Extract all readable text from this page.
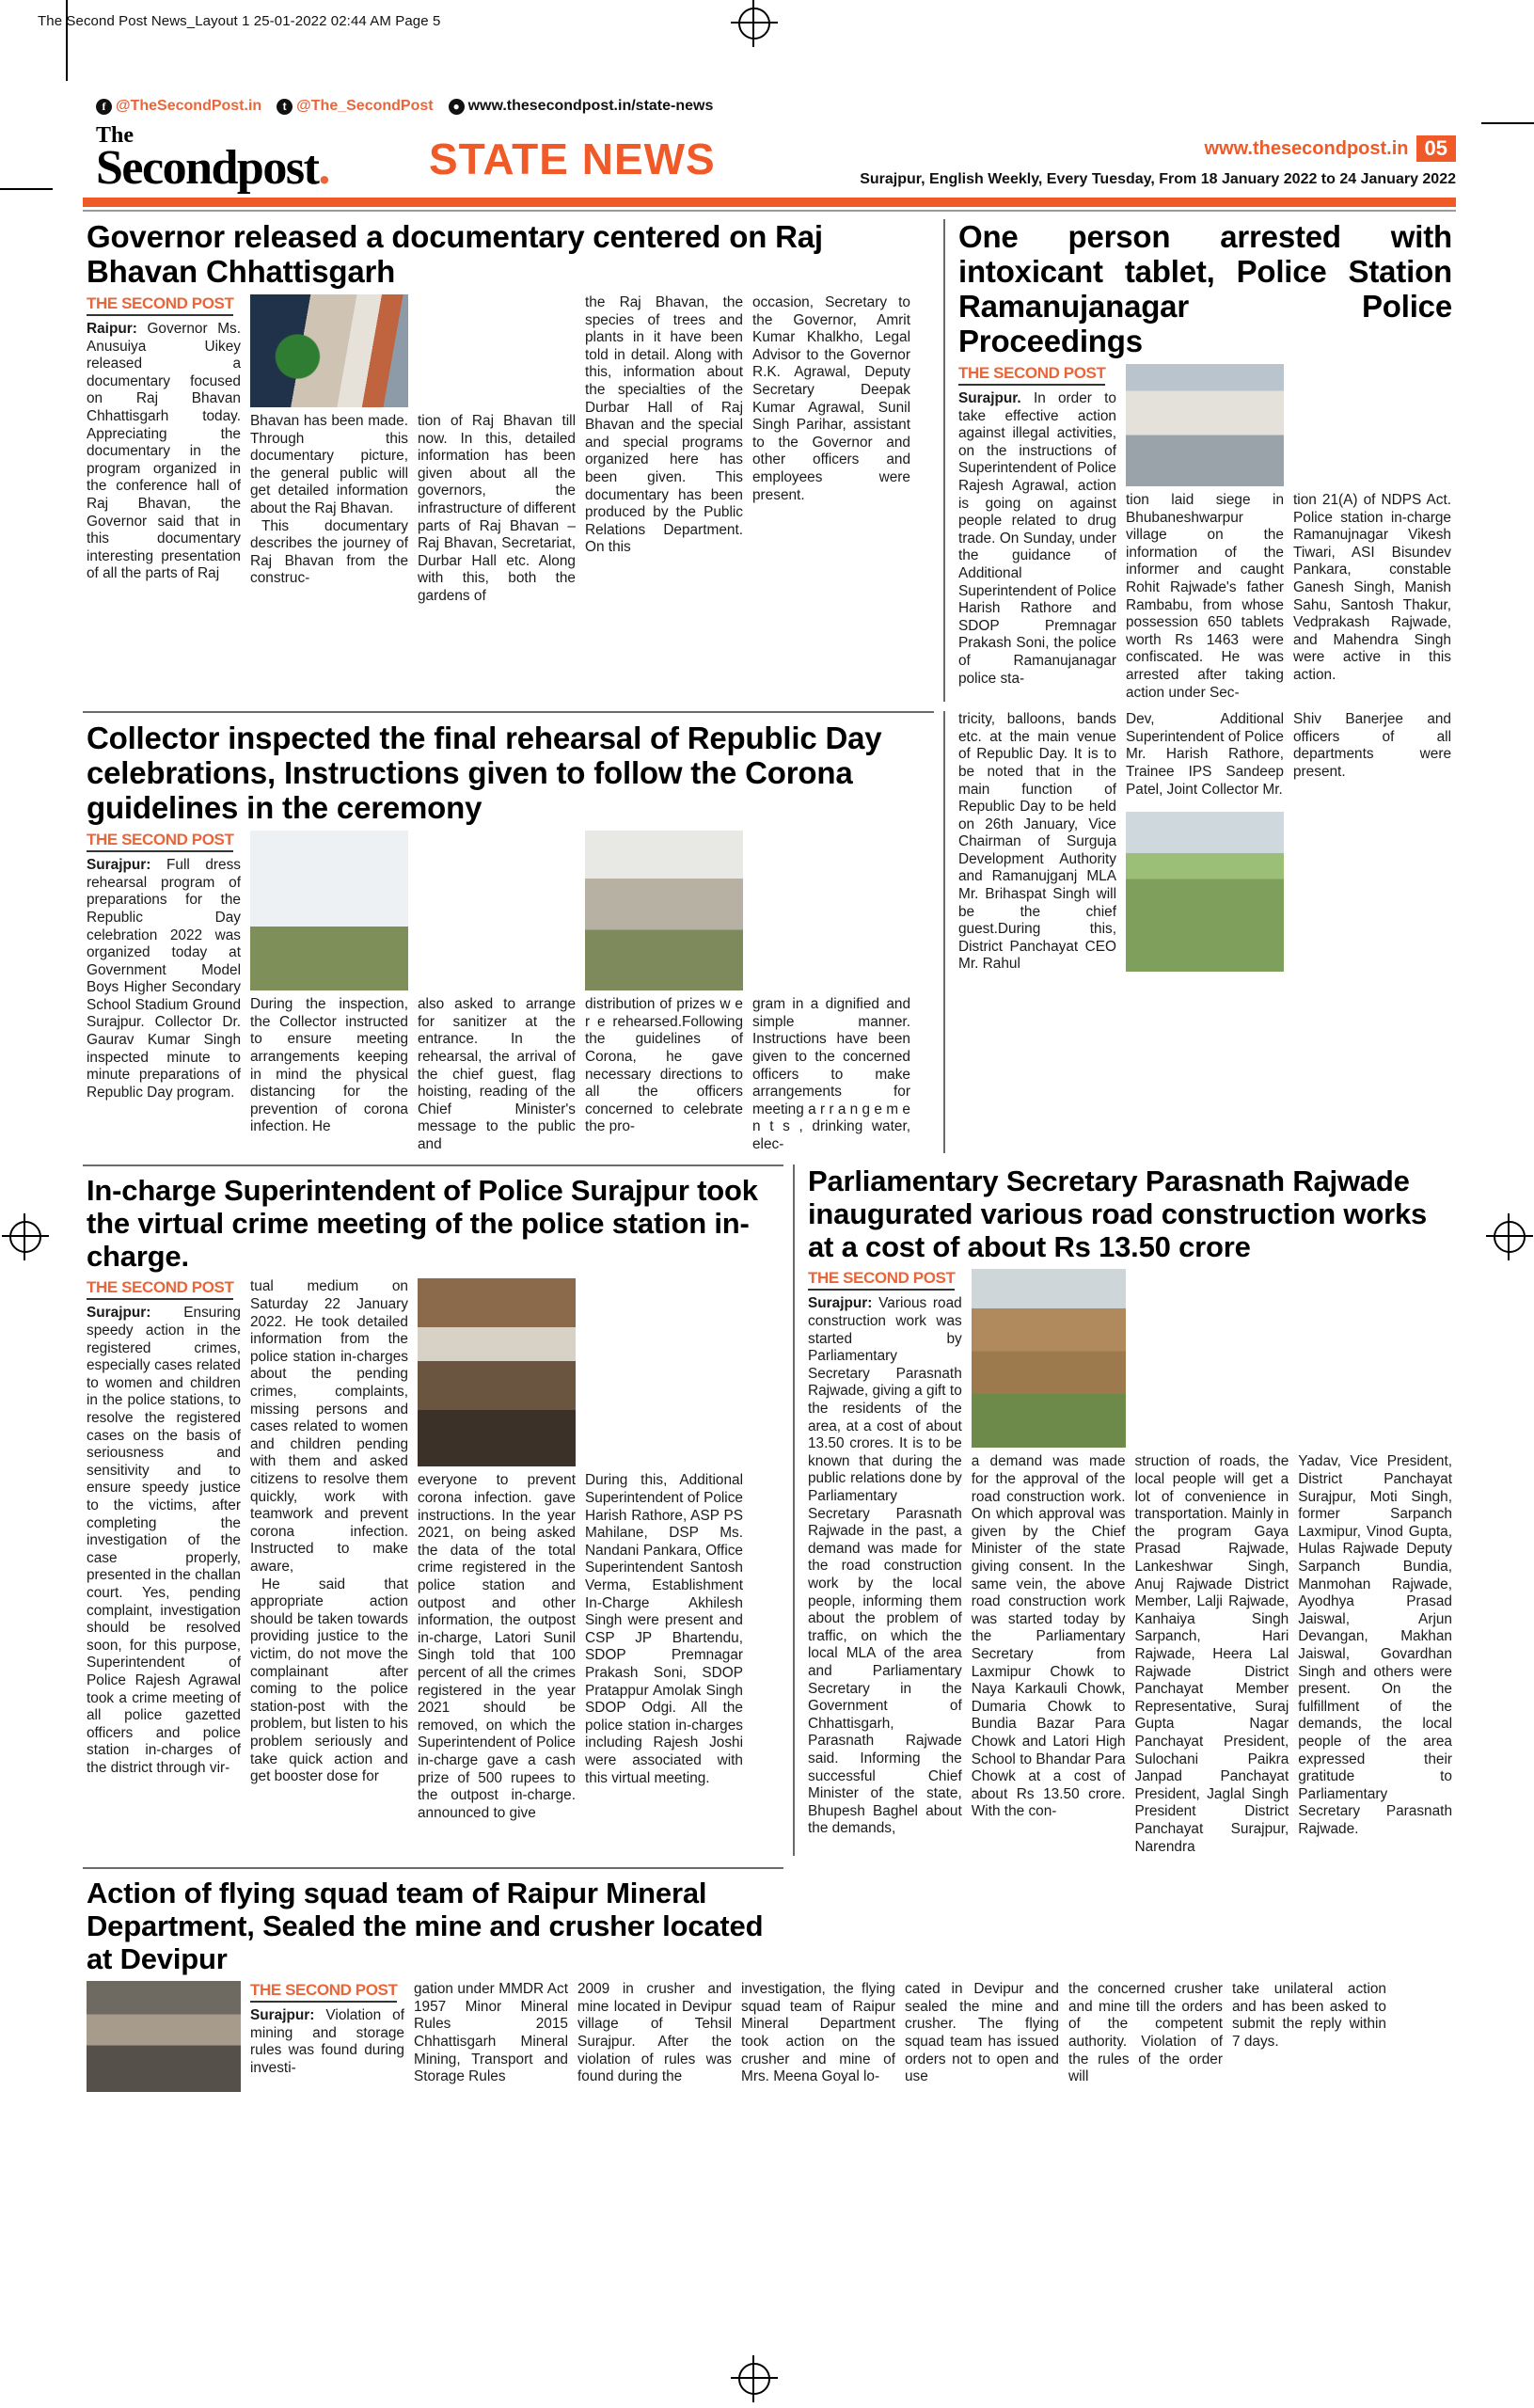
The Second Post News_Layout 1 25-01-2022 02:44 AM Page 5
f @TheSecondPost.in	t @The_SecondPost	● www.thesecondpost.in/state-news
The
Secondpost.	STATE NEWS	www.thesecondpost.in 05
Surajpur, English Weekly, Every Tuesday, From 18 January 2022 to 24 January 2022
Governor released a documentary centered on Raj Bhavan Chhattisgarh
THE SECOND POST
Raipur: Governor Ms. Anusuiya Uikey released a documentary focused on Raj Bhavan Chhattisgarh today. Appreciating the documentary in the program organized in the conference hall of Raj Bhavan, the Governor said that in this documentary interesting presentation of all the parts of Raj
Bhavan has been made. Through this documentary picture, the general public will get detailed information about the Raj Bhavan.
This documentary describes the journey of Raj Bhavan from the construc-
tion of Raj Bhavan till now. In this, detailed information has been given about all the governors, the infrastructure of different parts of Raj Bhavan – Raj Bhavan, Secretariat, Durbar Hall etc. Along with this, both the gardens of
the Raj Bhavan, the species of trees and plants in it have been told in detail. Along with this, information about the specialties of the Durbar Hall of Raj Bhavan and the special and special programs organized here has been given. This documentary has been produced by the Public Relations Department. On this
occasion, Secretary to the Governor, Amrit Kumar Khalkho, Legal Advisor to the Governor R.K. Agrawal, Deputy Secretary Deepak Kumar Agrawal, Sunil Singh Parihar, assistant to the Governor and other officers and employees were present.
One person arrested with intoxicant tablet, Police Station Ramanujanagar Police Proceedings
THE SECOND POST
Surajpur. In order to take effective action against illegal activities, on the instructions of Superintendent of Police Rajesh Agrawal, action is going on against people related to drug trade. On Sunday, under the guidance of Additional Superintendent of Police Harish Rathore and SDOP Premnagar Prakash Soni, the police of Ramanujanagar police sta-
tion laid siege in Bhubaneshwarpur village on the information of the informer and caught Rohit Rajwade's father Rambabu, from whose possession 650 tablets worth Rs 1463 were confiscated. He was arrested after taking action under Sec-
tion 21(A) of NDPS Act. Police station in-charge Ramanujnagar Vikesh Tiwari, ASI Bisundev Pankara, constable Ganesh Singh, Manish Sahu, Santosh Thakur, Vedprakash Rajwade, and Mahendra Singh were active in this action.
Collector inspected the final rehearsal of Republic Day celebrations, Instructions given to follow the Corona guidelines in the ceremony
THE SECOND POST
Surajpur: Full dress rehearsal program of preparations for the Republic Day celebration 2022 was organized today at Government Model Boys Higher Secondary School Stadium Ground Surajpur. Collector Dr. Gaurav Kumar Singh inspected minute to minute preparations of Republic Day program.
During the inspection, the Collector instructed to ensure meeting arrangements keeping in mind the physical distancing for the prevention of corona infection. He
also asked to arrange for sanitizer at the entrance. In the rehearsal, the arrival of the chief guest, flag hoisting, reading of the Chief Minister's message to the public and
distribution of prizes w e r e rehearsed.Following the guidelines of Corona, he gave necessary directions to all the officers concerned to celebrate the pro-
gram in a dignified and simple manner. Instructions have been given to the concerned officers to make arrangements for meeting a r r a n g e m e n t s , drinking water, elec-
tricity, balloons, bands etc. at the main venue of Republic Day. It is to be noted that in the main function of Republic Day to be held on 26th January, Vice Chairman of Surguja Development Authority and Ramanujganj MLA Mr. Brihaspat Singh will be the chief guest.During this, District Panchayat CEO Mr. Rahul
Dev, Additional Superintendent of Police Mr. Harish Rathore, Trainee IPS Sandeep Patel, Joint Collector Mr.
Shiv Banerjee and officers of all departments were present.
In-charge Superintendent of Police Surajpur took the virtual crime meeting of the police station in-charge.
THE SECOND POST
Surajpur: Ensuring speedy action in the registered crimes, especially cases related to women and children in the police stations, to resolve the registered cases on the basis of seriousness and sensitivity and to ensure speedy justice to the victims, after completing the investigation of the case properly, presented in the challan court. Yes, pending complaint, investigation should be resolved soon, for this purpose, Superintendent of Police Rajesh Agrawal took a crime meeting of all police gazetted officers and police station in-charges of the district through vir-
tual medium on Saturday 22 January 2022. He took detailed information from the police station in-charges about the pending crimes, complaints, missing persons and cases related to women and children pending with them and asked citizens to resolve them quickly, work with teamwork and prevent corona infection. Instructed to make aware,
He said that appropriate action should be taken towards providing justice to the victim, do not move the complainant after coming to the police station-post with the problem, but listen to his problem seriously and take quick action and get booster dose for
everyone to prevent corona infection. gave instructions. In the year 2021, on being asked the data of the total crime registered in the police station and outpost and other information, the outpost in-charge, Latori Sunil Singh told that 100 percent of all the crimes registered in the year 2021 should be removed, on which the Superintendent of Police in-charge gave a cash prize of 500 rupees to the outpost in-charge. announced to give
During this, Additional Superintendent of Police Harish Rathore, ASP PS Mahilane, DSP Ms. Nandani Pankara, Office Superintendent Santosh Verma, Establishment In-Charge Akhilesh Singh were present and CSP JP Bhartendu, SDOP Premnagar Prakash Soni, SDOP Pratappur Amolak Singh SDOP Odgi. All the police station in-charges including Rajesh Joshi were associated with this virtual meeting.
Parliamentary Secretary Parasnath Rajwade inaugurated various road construction works at a cost of about Rs 13.50 crore
THE SECOND POST
Surajpur: Various road construction work was started by Parliamentary Secretary Parasnath Rajwade, giving a gift to the residents of the area, at a cost of about 13.50 crores. It is to be known that during the public relations done by Parliamentary Secretary Parasnath Rajwade in the past, a demand was made for the road construction work by the local people, informing them about the problem of traffic, on which the local MLA of the area and Parliamentary Secretary in the Government of Chhattisgarh, Parasnath Rajwade said. Informing the successful Chief Minister of the state, Bhupesh Baghel about the demands,
a demand was made for the approval of the road construction work. On which approval was given by the Chief Minister of the state giving consent. In the same vein, the above road construction work was started today by the Parliamentary Secretary from Laxmipur Chowk to Naya Karkauli Chowk, Dumaria Chowk to Bundia Bazar Para Chowk and Latori High School to Bhandar Para Chowk at a cost of about Rs 13.50 crore. With the con-
struction of roads, the local people will get a lot of convenience in transportation. Mainly in the program Gaya Prasad Rajwade, Lankeshwar Singh, Anuj Rajwade District Member, Lalji Rajwade, Kanhaiya Singh Sarpanch, Hari Rajwade, Heera Lal Rajwade District Panchayat Member Representative, Suraj Gupta Nagar Panchayat President, Sulochani Paikra Janpad Panchayat President, Jaglal Singh President District Panchayat Surajpur, Narendra
Yadav, Vice President, District Panchayat Surajpur, Moti Singh, former Sarpanch Laxmipur, Vinod Gupta, Hulas Rajwade Deputy Sarpanch Bundia, Manmohan Rajwade, Ayodhya Prasad Jaiswal, Arjun Devangan, Makhan Jaiswal, Govardhan Singh and others were present. On the fulfillment of the demands, the local people of the area expressed their gratitude to Parliamentary Secretary Parasnath Rajwade.
Action of flying squad team of Raipur Mineral Department, Sealed the mine and crusher located at Devipur
THE SECOND POST
Surajpur: Violation of mining and storage rules was found during investi-
gation under MMDR Act 1957 Minor Mineral Rules 2015 Chhattisgarh Mineral Mining, Transport and Storage Rules
2009 in crusher and mine located in Devipur village of Tehsil Surajpur. After the violation of rules was found during the
investigation, the flying squad team of Raipur Mineral Department took action on the crusher and mine of Mrs. Meena Goyal lo-
cated in Devipur and sealed the mine and crusher. The flying squad team has issued orders not to open and use
the concerned crusher and mine till the orders of the competent authority. Violation of the rules of the order will
take unilateral action and has been asked to submit the reply within 7 days.
